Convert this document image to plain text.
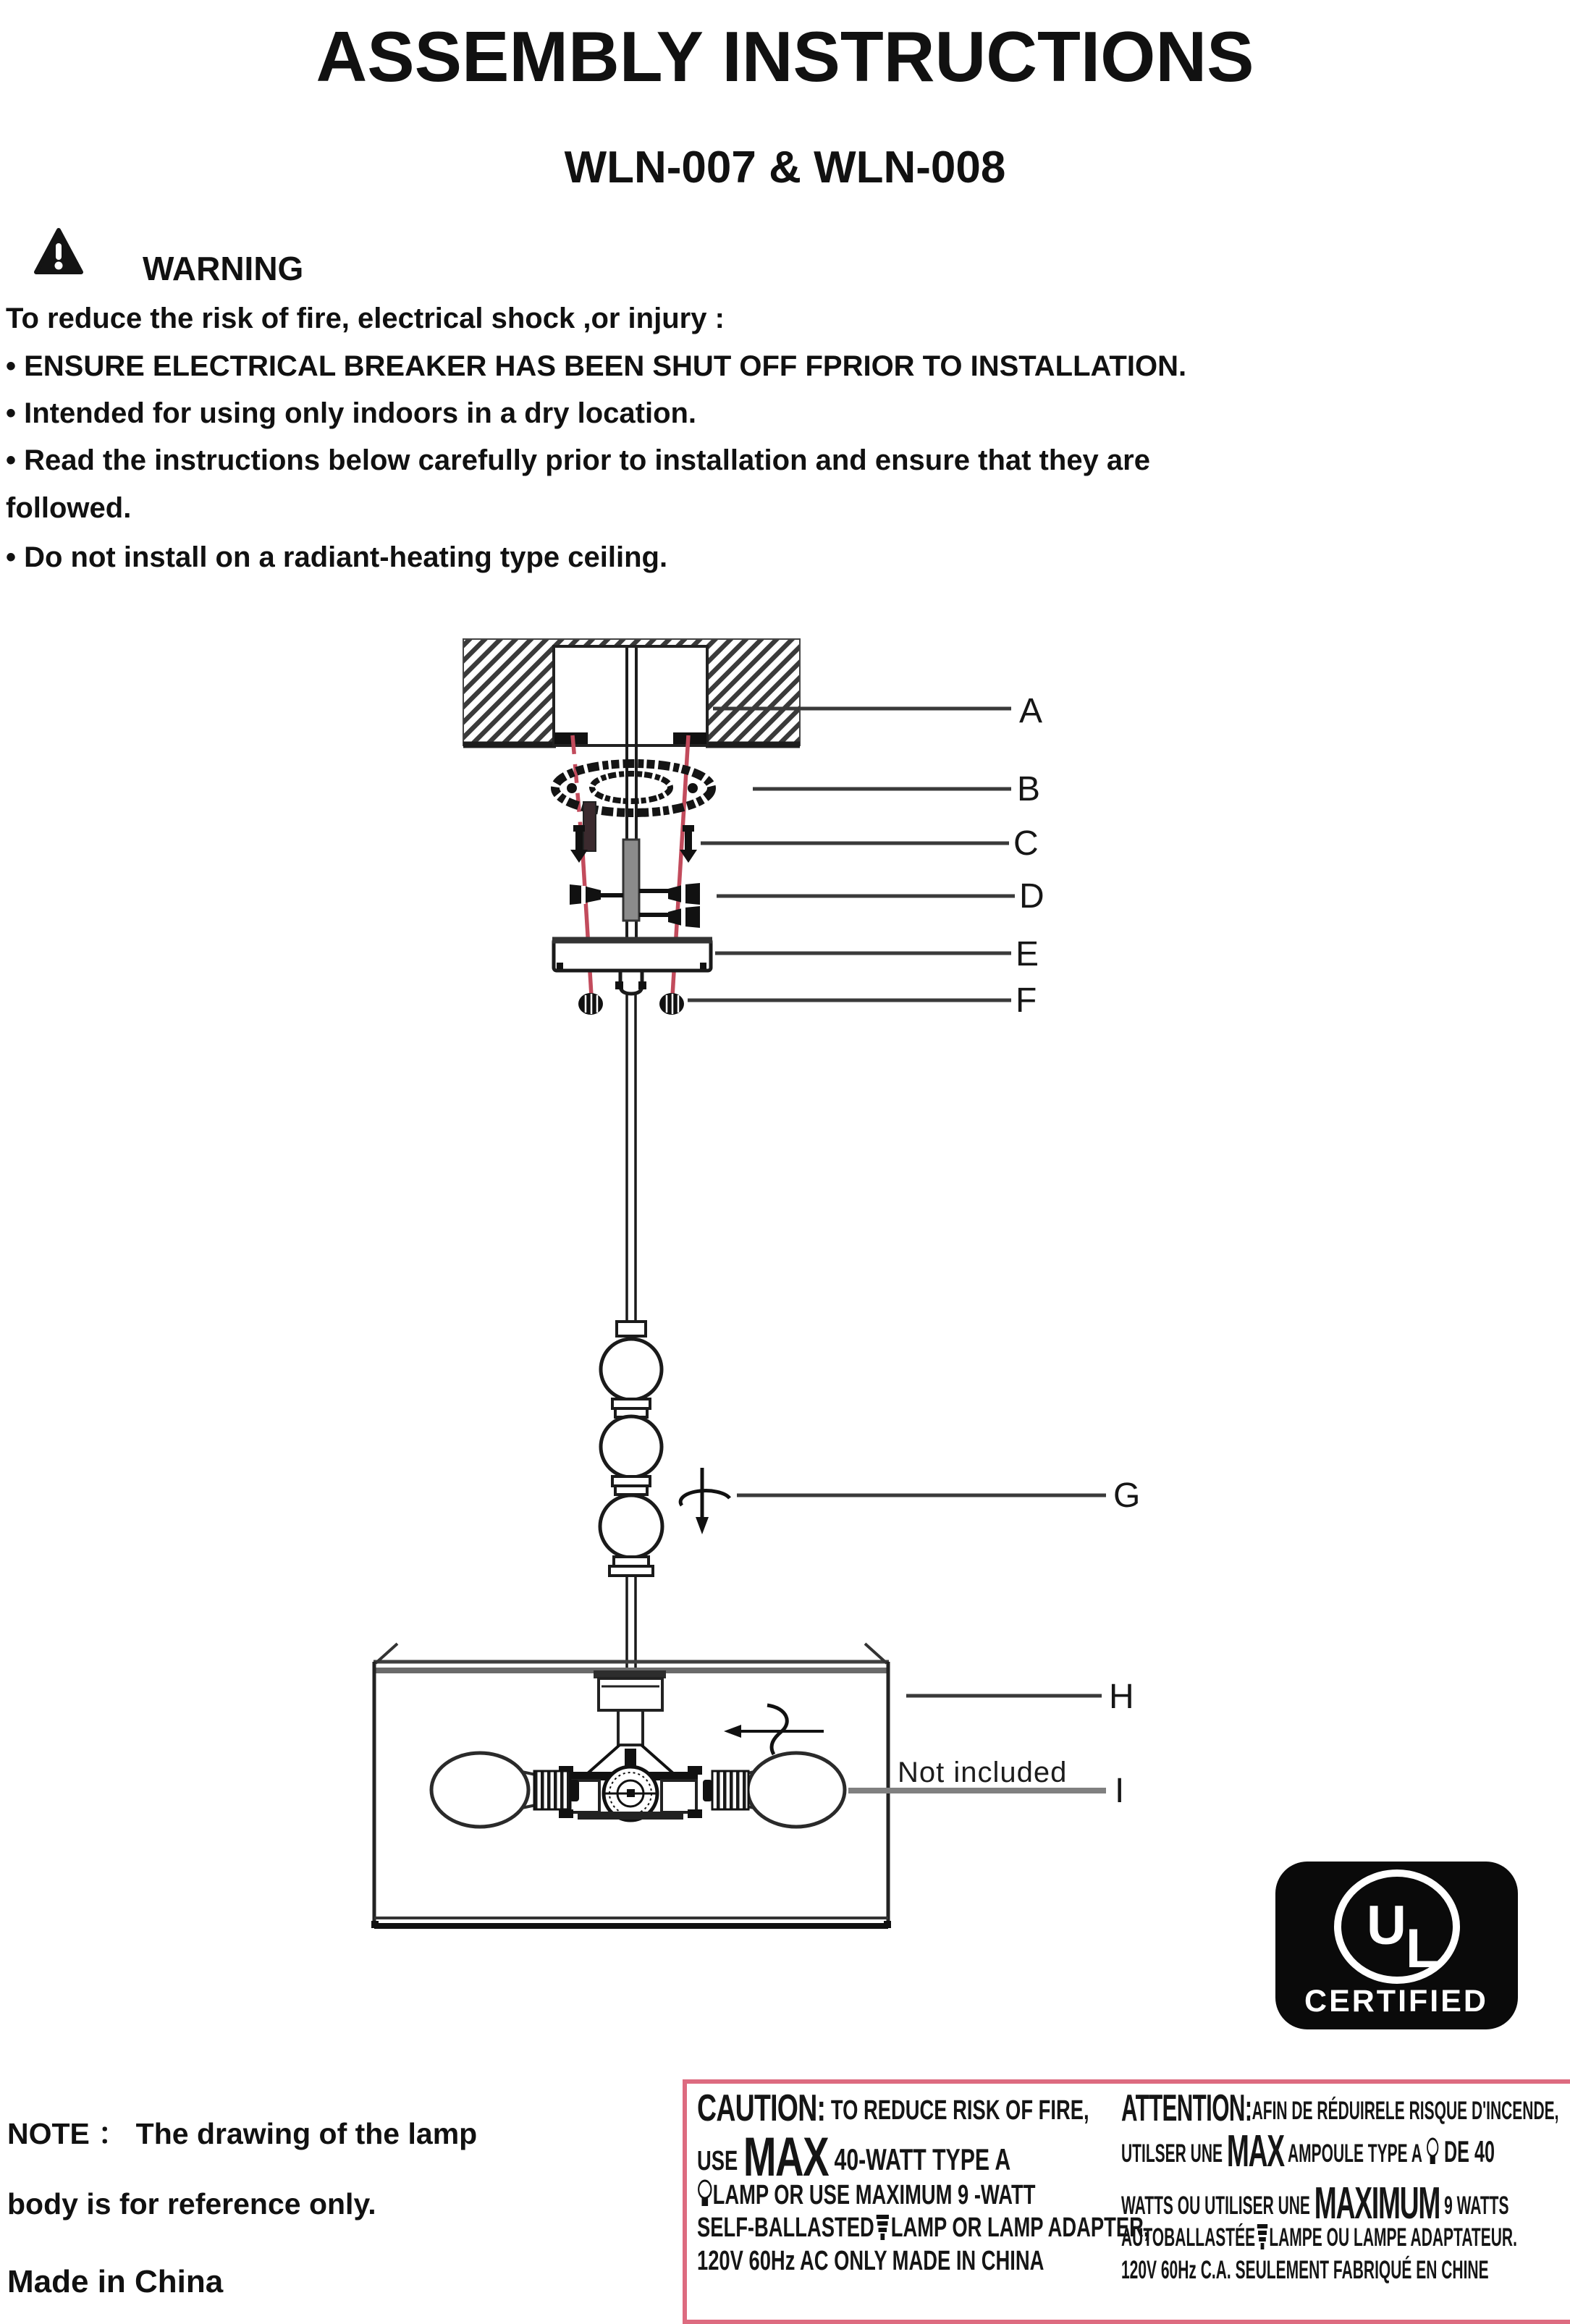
ASSEMBLY INSTRUCTIONS
WLN-007 & WLN-008
WARNING
To reduce the risk of fire, electrical shock ,or injury :
• ENSURE ELECTRICAL BREAKER HAS BEEN SHUT OFF FPRIOR TO INSTALLATION.
• Intended for using only indoors in a dry location.
• Read the instructions below carefully prior to installation and ensure that they are
followed.
• Do not install on a radiant-heating type ceiling.
A
B
C
D
E
F
G
H
I
Not included
U L
CERTIFIED
NOTE ： The drawing of the lamp
body is for reference only.
Made in China
CAUTION: TO REDUCE RISK OF FIRE,
USE MAX 40-WATT TYPE A
LAMP OR USE MAXIMUM 9 -WATT
SELF-BALLASTED LAMP OR LAMP ADAPTER,
120V 60Hz AC ONLY MADE IN CHINA
ATTENTION:AFIN DE RÉDUIRELE RISQUE D'INCENDE,
UTILSER UNE MAX AMPOULE TYPE A  DE 40
WATTS OU UTILISER UNE MAXIMUM 9 WATTS
AUTOBALLASTÉE LAMPE OU LAMPE ADAPTATEUR.
120V 60Hz C.A. SEULEMENT FABRIQUÉ EN CHINE
